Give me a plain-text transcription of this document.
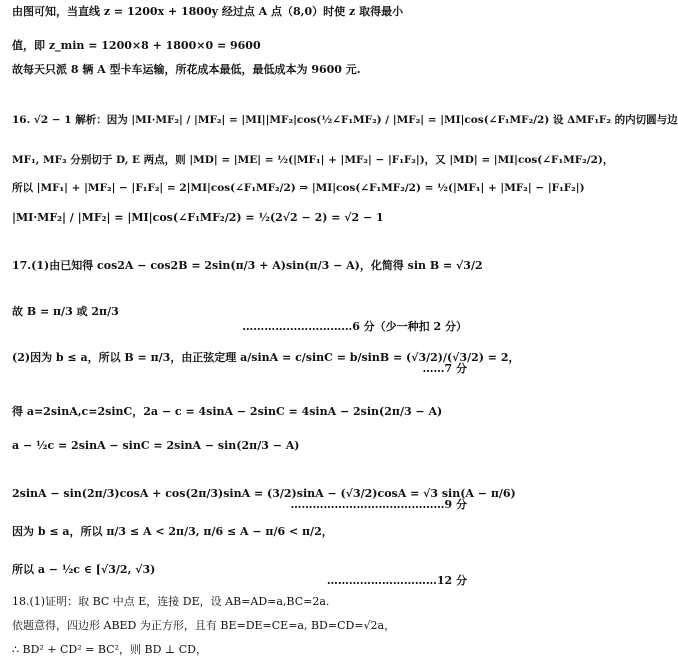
由图可知，当直线 z = 1200x + 1800y 经过点 A 点（8,0）时使 z 取得最小
值，即 z_min = 1200×8 + 1800×0 = 9600
故每天只派 8 辆 A 型卡车运输，所花成本最低，最低成本为 9600 元.
16. √2 − 1 解析：因为 |MI·MF₂| / |MF₂| = |MI||MF₂|cos(½∠F₁MF₂) / |MF₂| = |MI|cos(∠F₁MF₂/2) 设 ΔMF₁F₂ 的内切圆与边
MF₁, MF₂ 分别切于 D, E 两点，则 |MD| = |ME| = ½(|MF₁| + |MF₂| − |F₁F₂|)，又 |MD| = |MI|cos(∠F₁MF₂/2)，
所以 |MF₁| + |MF₂| − |F₁F₂| = 2|MI|cos(∠F₁MF₂/2) ⇒ |MI|cos(∠F₁MF₂/2) = ½(|MF₁| + |MF₂| − |F₁F₂|)
|MI·MF₂| / |MF₂| = |MI|cos(∠F₁MF₂/2) = ½(2√2 − 2) = √2 − 1
17.(1)由已知得 cos2A − cos2B = 2sin(π/3 + A)sin(π/3 − A)，化简得 sin B = √3/2
故 B = π/3 或 2π/3
…………………………6 分（少一种扣 2 分）
(2)因为 b ≤ a，所以 B = π/3，由正弦定理 a/sinA = c/sinC = b/sinB = (√3/2)/(√3/2) = 2，
……7 分
得 a=2sinA,c=2sinC，2a − c = 4sinA − 2sinC = 4sinA − 2sin(2π/3 − A)
a − ½c = 2sinA − sinC = 2sinA − sin(2π/3 − A)
2sinA − sin(2π/3)cosA + cos(2π/3)sinA = (3/2)sinA − (√3/2)cosA = √3 sin(A − π/6)
……………………………………9 分
因为 b ≤ a，所以 π/3 ≤ A < 2π/3, π/6 ≤ A − π/6 < π/2，
所以 a − ½c ∈ [√3/2, √3)
…………………………12 分
18.(1)证明：取 BC 中点 E，连接 DE，设 AB=AD=a,BC=2a.
依题意得，四边形 ABED 为正方形，且有 BE=DE=CE=a, BD=CD=√2a，
∴ BD² + CD² = BC²，则 BD ⊥ CD，
